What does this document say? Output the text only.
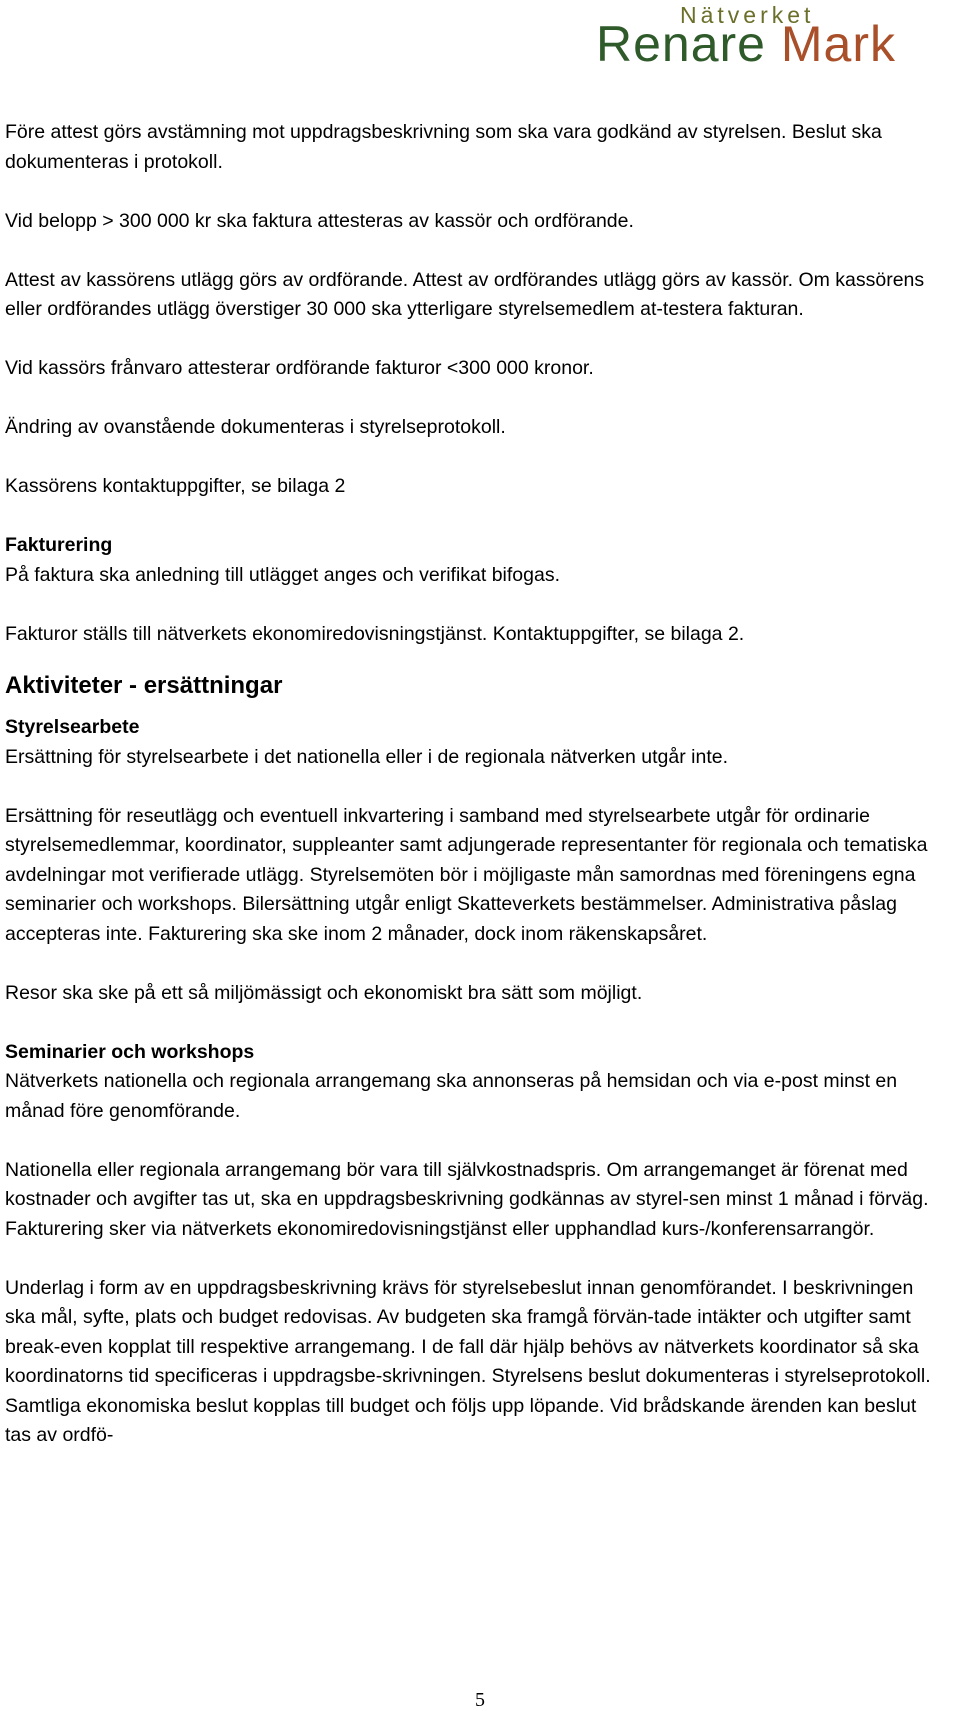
Nätverket
Renare Mark

Före attest görs avstämning mot uppdragsbeskrivning som ska vara godkänd av styrelsen. Beslut ska dokumenteras i protokoll.

Vid belopp > 300 000 kr ska faktura attesteras av kassör och ordförande.

Attest av kassörens utlägg görs av ordförande. Attest av ordförandes utlägg görs av kassör. Om kassörens eller ordförandes utlägg överstiger 30 000 ska ytterligare styrelsemedlem at-testera fakturan.

Vid kassörs frånvaro attesterar ordförande fakturor <300 000 kronor.

Ändring av ovanstående dokumenteras i styrelseprotokoll.

Kassörens kontaktuppgifter, se bilaga 2

Fakturering

På faktura ska anledning till utlägget anges och verifikat bifogas.

Fakturor ställs till nätverkets ekonomiredovisningstjänst. Kontaktuppgifter, se bilaga 2.

Aktiviteter - ersättningar

Styrelsearbete

Ersättning för styrelsearbete i det nationella eller i de regionala nätverken utgår inte.

Ersättning för reseutlägg och eventuell inkvartering i samband med styrelsearbete utgår för ordinarie styrelsemedlemmar, koordinator, suppleanter samt adjungerade representanter för regionala och tematiska avdelningar mot verifierade utlägg. Styrelsemöten bör i möjligaste mån samordnas med föreningens egna seminarier och workshops. Bilersättning utgår enligt Skatteverkets bestämmelser. Administrativa påslag accepteras inte. Fakturering ska ske inom 2 månader, dock inom räkenskapsåret.

Resor ska ske på ett så miljömässigt och ekonomiskt bra sätt som möjligt.

Seminarier och workshops

Nätverkets nationella och regionala arrangemang ska annonseras på hemsidan och via e-post minst en månad före genomförande.

Nationella eller regionala arrangemang bör vara till självkostnadspris. Om arrangemanget är förenat med kostnader och avgifter tas ut, ska en uppdragsbeskrivning godkännas av styrel-sen minst 1 månad i förväg. Fakturering sker via nätverkets ekonomiredovisningstjänst eller upphandlad kurs-/konferensarrangör.

Underlag i form av en uppdragsbeskrivning krävs för styrelsebeslut innan genomförandet. I beskrivningen ska mål, syfte, plats och budget redovisas. Av budgeten ska framgå förvän-tade intäkter och utgifter samt break-even kopplat till respektive arrangemang. I de fall där hjälp behövs av nätverkets koordinator så ska koordinatorns tid specificeras i uppdragsbe-skrivningen. Styrelsens beslut dokumenteras i styrelseprotokoll. Samtliga ekonomiska beslut kopplas till budget och följs upp löpande. Vid brådskande ärenden kan beslut tas av ordfö-

5
